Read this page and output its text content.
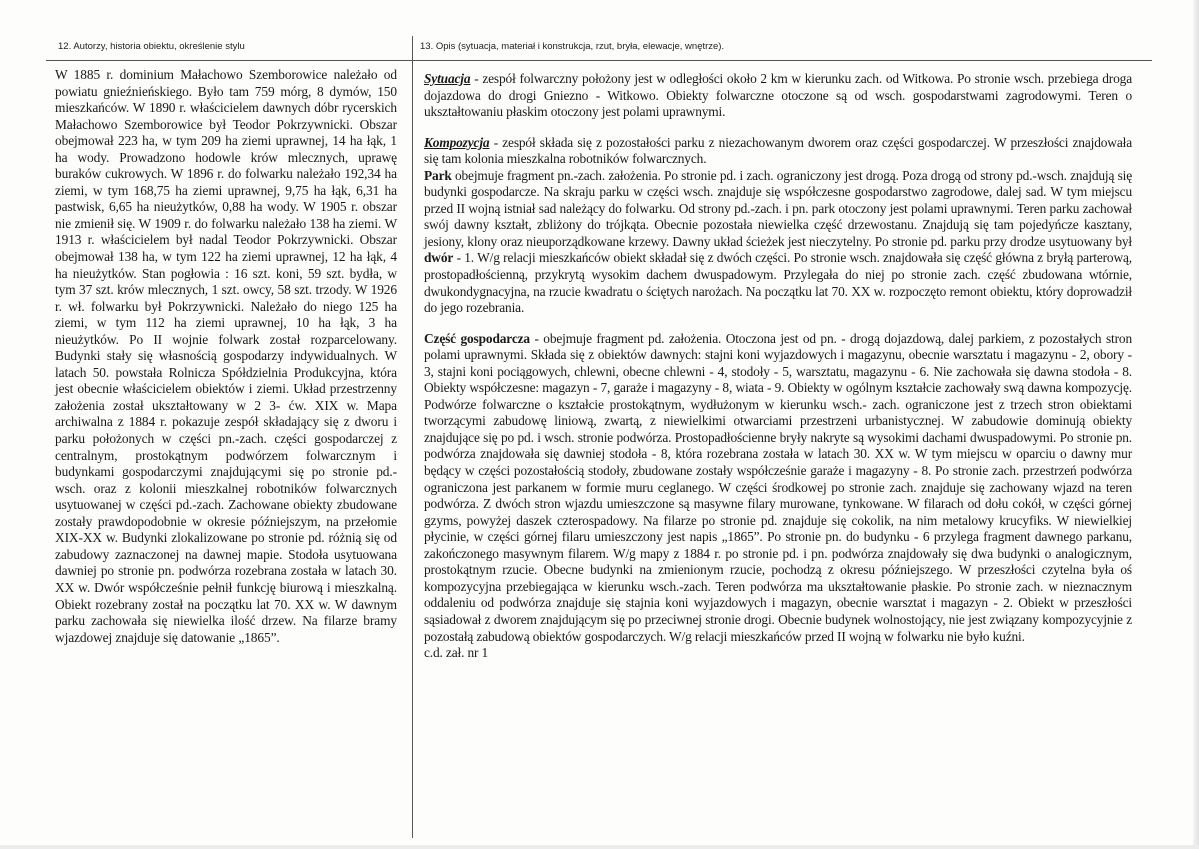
12. Autorzy, historia obiektu, określenie stylu	13. Opis (sytuacja, materiał i konstrukcja, rzut, bryła, elewacje, wnętrze).

W 1885 r. dominium Małachowo Szemborowice należało od powiatu gnieźnieńskiego. Było tam 759 mórg, 8 dymów, 150 mieszkańców. W 1890 r. właścicielem dawnych dóbr rycerskich Małachowo Szemborowice był Teodor Pokrzywnicki. Obszar obejmował 223 ha, w tym 209 ha ziemi uprawnej, 14 ha łąk, 1 ha wody. Prowadzono hodowle krów mlecznych, uprawę buraków cukrowych. W 1896 r. do folwarku należało 192,34 ha ziemi, w tym 168,75 ha ziemi uprawnej, 9,75 ha łąk, 6,31 ha pastwisk, 6,65 ha nieużytków, 0,88 ha wody. W 1905 r. obszar nie zmienił się. W 1909 r. do folwarku należało 138 ha ziemi. W 1913 r. właścicielem był nadal Teodor Pokrzywnicki. Obszar obejmował 138 ha, w tym 122 ha ziemi uprawnej, 12 ha łąk, 4 ha nieużytków. Stan pogłowia : 16 szt. koni, 59 szt. bydła, w tym 37 szt. krów mlecznych, 1 szt. owcy, 58 szt. trzody. W 1926 r. wł. folwarku był Pokrzywnicki. Należało do niego 125 ha ziemi, w tym 112 ha ziemi uprawnej, 10 ha łąk, 3 ha nieużytków. Po II wojnie folwark został rozparcelowany. Budynki stały się własnością gospodarzy indywidualnych. W latach 50. powstała Rolnicza Spółdzielnia Produkcyjna, która jest obecnie właścicielem obiektów i ziemi. Układ przestrzenny założenia został ukształtowany w 2 3- ćw. XIX w. Mapa archiwalna z 1884 r. pokazuje zespół składający się z dworu i parku położonych w części pn.-zach. części gospodarczej z centralnym, prostokątnym podwórzem folwarcznym i budynkami gospodarczymi znajdującymi się po stronie pd.-wsch. oraz z kolonii mieszkalnej robotników folwarcznych usytuowanej w części pd.-zach. Zachowane obiekty zbudowane zostały prawdopodobnie w okresie późniejszym, na przełomie XIX-XX w. Budynki zlokalizowane po stronie pd. różnią się od zabudowy zaznaczonej na dawnej mapie. Stodoła usytuowana dawniej po stronie pn. podwórza rozebrana została w latach 30. XX w. Dwór współcześnie pełnił funkcję biurową i mieszkalną. Obiekt rozebrany został na początku lat 70. XX w. W dawnym parku zachowała się niewielka ilość drzew. Na filarze bramy wjazdowej znajduje się datowanie „1865”.

Sytuacja - zespół folwarczny położony jest w odległości około 2 km w kierunku zach. od Witkowa. Po stronie wsch. przebiega droga dojazdowa do drogi Gniezno - Witkowo. Obiekty folwarczne otoczone są od wsch. gospodarstwami zagrodowymi. Teren o ukształtowaniu płaskim otoczony jest polami uprawnymi.

Kompozycja - zespół składa się z pozostałości parku z niezachowanym dworem oraz części gospodarczej. W przeszłości znajdowała się tam kolonia mieszkalna robotników folwarcznych.

Park obejmuje fragment pn.-zach. założenia. Po stronie pd. i zach. ograniczony jest drogą. Poza drogą od strony pd.-wsch. znajdują się budynki gospodarcze. Na skraju parku w części wsch. znajduje się współczesne gospodarstwo zagrodowe, dalej sad. W tym miejscu przed II wojną istniał sad należący do folwarku. Od strony pd.-zach. i pn. park otoczony jest polami uprawnymi. Teren parku zachował swój dawny kształt, zbliżony do trójkąta. Obecnie pozostała niewielka część drzewostanu. Znajdują się tam pojedyńcze kasztany, jesiony, klony oraz nieuporządkowane krzewy. Dawny układ ścieżek jest nieczytelny. Po stronie pd. parku przy drodze usytuowany był dwór - 1. W/g relacji mieszkańców obiekt składał się z dwóch części. Po stronie wsch. znajdowała się część główna z bryłą parterową, prostopadłościenną, przykrytą wysokim dachem dwuspadowym. Przylegała do niej po stronie zach. część zbudowana wtórnie, dwukondygnacyjna, na rzucie kwadratu o ściętych narożach. Na początku lat 70. XX w. rozpoczęto remont obiektu, który doprowadził do jego rozebrania.

Część gospodarcza - obejmuje fragment pd. założenia. Otoczona jest od pn. - drogą dojazdową, dalej parkiem, z pozostałych stron polami uprawnymi. Składa się z obiektów dawnych: stajni koni wyjazdowych i magazynu, obecnie warsztatu i magazynu - 2, obory - 3, stajni koni pociągowych, chlewni, obecne chlewni - 4, stodoły - 5, warsztatu, magazynu - 6. Nie zachowała się dawna stodoła - 8. Obiekty współczesne: magazyn - 7, garaże i magazyny - 8, wiata - 9. Obiekty w ogólnym kształcie zachowały swą dawna kompozycję. Podwórze folwarczne o kształcie prostokątnym, wydłużonym w kierunku wsch.- zach. ograniczone jest z trzech stron obiektami tworzącymi zabudowę liniową, zwartą, z niewielkimi otwarciami przestrzeni urbanistycznej. W zabudowie dominują obiekty znajdujące się po pd. i wsch. stronie podwórza. Prostopadłościenne bryły nakryte są wysokimi dachami dwuspadowymi. Po stronie pn. podwórza znajdowała się dawniej stodoła - 8, która rozebrana została w latach 30. XX w. W tym miejscu w oparciu o dawny mur będący w części pozostałością stodoły, zbudowane zostały współcześnie garaże i magazyny - 8. Po stronie zach. przestrzeń podwórza ograniczona jest parkanem w formie muru ceglanego. W części środkowej po stronie zach. znajduje się zachowany wjazd na teren podwórza. Z dwóch stron wjazdu umieszczone są masywne filary murowane, tynkowane. W filarach od dołu cokół, w części górnej gzyms, powyżej daszek czterospadowy. Na filarze po stronie pd. znajduje się cokolik, na nim metalowy krucyfiks. W niewielkiej płycinie, w części górnej filaru umieszczony jest napis „1865”. Po stronie pn. do budynku - 6 przylega fragment dawnego parkanu, zakończonego masywnym filarem. W/g mapy z 1884 r. po stronie pd. i pn. podwórza znajdowały się dwa budynki o analogicznym, prostokątnym rzucie. Obecne budynki na zmienionym rzucie, pochodzą z okresu późniejszego. W przeszłości czytelna była oś kompozycyjna przebiegająca w kierunku wsch.-zach. Teren podwórza ma ukształtowanie płaskie. Po stronie zach. w nieznacznym oddaleniu od podwórza znajduje się stajnia koni wyjazdowych i magazyn, obecnie warsztat i magazyn - 2. Obiekt w przeszłości sąsiadował z dworem znajdującym się po przeciwnej stronie drogi. Obecnie budynek wolnostojący, nie jest związany kompozycyjnie z pozostałą zabudową obiektów gospodarczych. W/g relacji mieszkańców przed II wojną w folwarku nie było kuźni.

c.d. zał. nr 1
